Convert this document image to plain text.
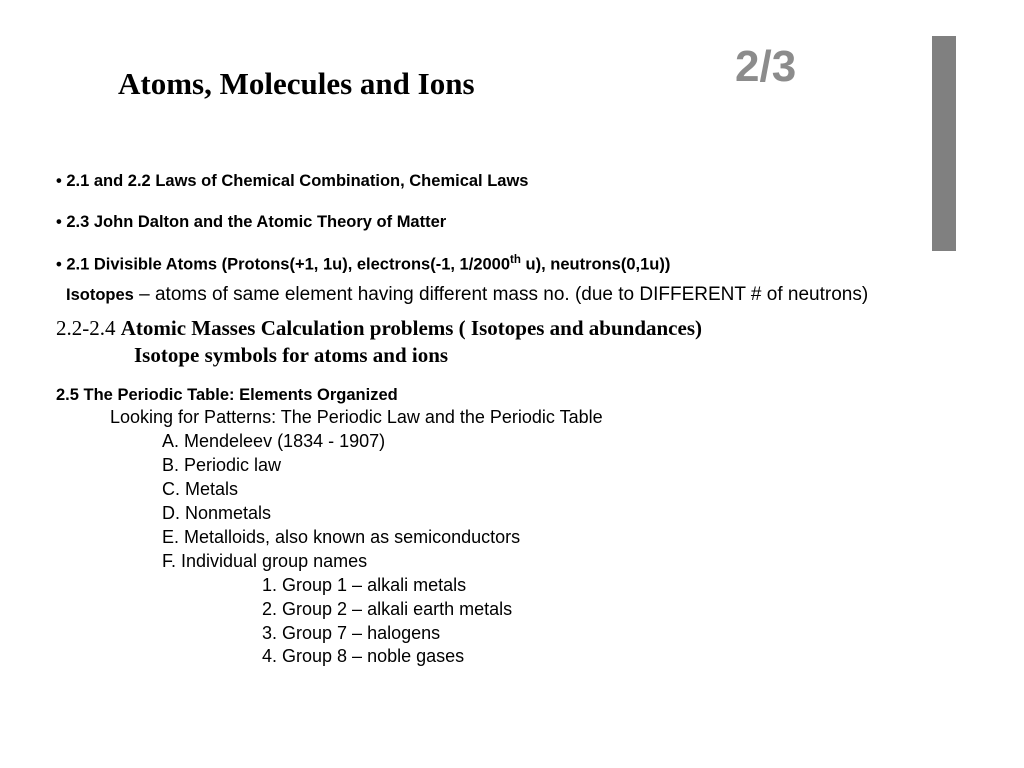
2/3
Atoms, Molecules and Ions
• 2.1 and 2.2 Laws of Chemical Combination, Chemical Laws
• 2.3 John Dalton and the Atomic Theory of Matter
• 2.1 Divisible Atoms (Protons(+1, 1u), electrons(-1, 1/2000th u), neutrons(0,1u))
Isotopes – atoms of same element having different mass no. (due to DIFFERENT # of neutrons)
2.2-2.4 Atomic Masses Calculation problems ( Isotopes and abundances)
Isotope symbols for atoms and ions
2.5 The Periodic Table: Elements Organized
Looking for Patterns: The Periodic Law and the Periodic Table
A. Mendeleev (1834 - 1907)
B. Periodic law
C. Metals
D. Nonmetals
E. Metalloids, also known as semiconductors
F. Individual group names
1. Group 1 – alkali metals
2. Group 2 – alkali earth metals
3. Group 7 – halogens
4. Group 8 – noble gases
